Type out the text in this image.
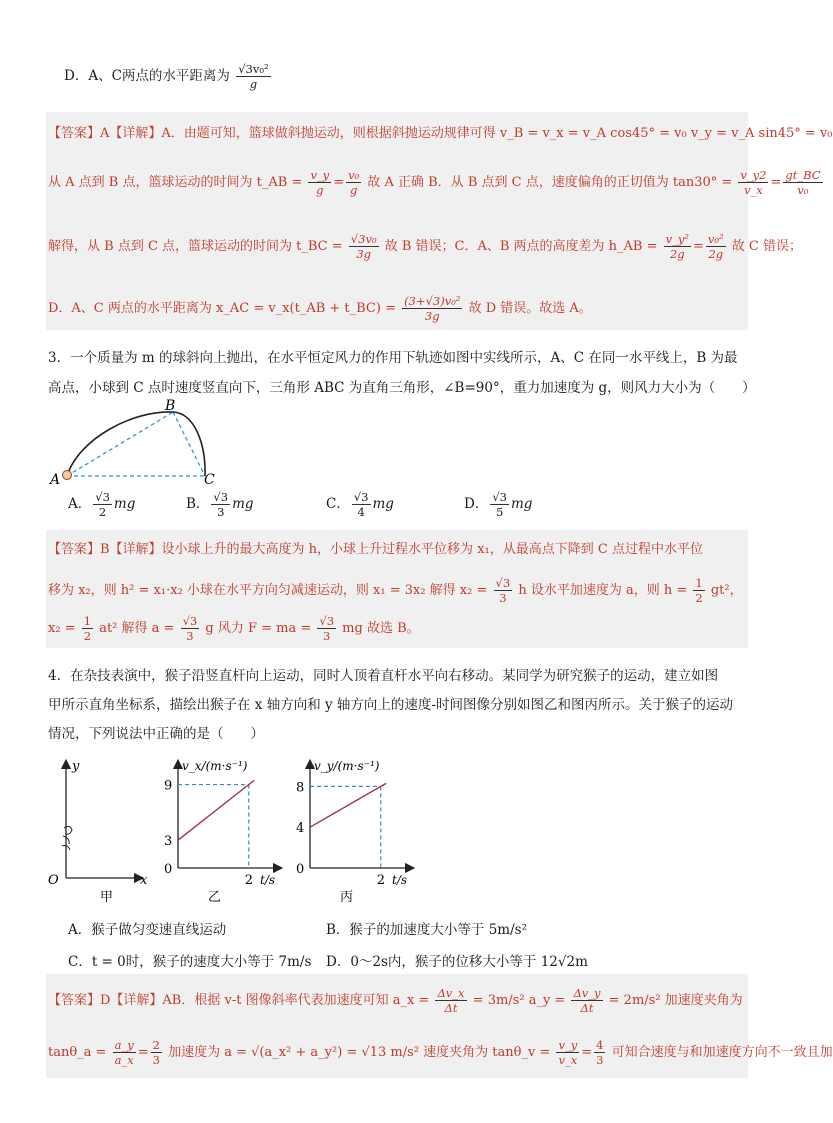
D．A、C两点的水平距离为 $\frac{\text{√3v₀²}}{g}$
【答案】A【详解】A．由题可知，篮球做斜抛运动，则根据斜抛运动规律可得 v_B = v_x = v_A cos45° = v₀ v_y = v_A sin45° = v₀
从 A 点到 B 点，篮球运动的时间为 t_AB = $\frac{v\_y}{g} = \frac{\text{v₀}}{g}$ 故 A 正确 B．从 B 点到 C 点，速度偏角的正切值为 $\tan 30^\circ = \frac{v\_y2}{v\_x} = \frac{gt\_BC}{\text{v₀}}$
解得，从 B 点到 C 点，篮球运动的时间为 t_BC = $\frac{\text{√3v₀}}{3g}$ 故 B 错误；C．A、B 两点的高度差为 h_AB = $\frac{\text{v\_y²}}{2g} = \frac{\text{v₀²}}{2g}$ 故 C 错误；
D．A、C 两点的水平距离为 x_AC = v_x(t_AB + t_BC) = $\frac{\text{(3+√3)v₀²}}{3g}$ 故 D 错误。故选 A。
3．一个质量为 m 的球斜向上抛出，在水平恒定风力的作用下轨迹如图中实线所示，A、C 在同一水平线上，B 为最
高点，小球到 C 点时速度竖直向下，三角形 ABC 为直角三角形，∠B=90°，重力加速度为 g，则风力大小为（　　）
A
B
C
A． $\frac{√3}{2}$ mg	B． $\frac{√3}{3}$ mg	C． $\frac{√3}{4}$ mg	D． $\frac{√3}{5}$ mg
【答案】B【详解】设小球上升的最大高度为 h，小球上升过程水平位移为 x₁，从最高点下降到 C 点过程中水平位
移为 x₂，则 h² = x₁·x₂ 小球在水平方向匀减速运动，则 x₁ = 3x₂ 解得 $x_2 = \frac{√3}{3}$ h 设水平加速度为 a，则 $h = \frac{1}{2} gt^2$，
$x_2 = \frac{1}{2} at^2$ 解得 $a = \frac{√3}{3}$ g 风力 F = ma = $\frac{√3}{3}$ mg 故选 B。
4．在杂技表演中，猴子沿竖直杆向上运动，同时人顶着直杆水平向右移动。某同学为研究猴子的运动，建立如图
甲所示直角坐标系，描绘出猴子在 x 轴方向和 y 轴方向上的速度-时间图像分别如图乙和图丙所示。关于猴子的运动
情况，下列说法中正确的是（　　）
y
x
O
甲
3
9
0
2
v_x/(m·s⁻¹)
t/s
乙
4
8
0
2
v_y/(m·s⁻¹)
t/s
丙
A．猴子做匀变速直线运动	B．猴子的加速度大小等于 5m/s²
C．t = 0时，猴子的速度大小等于 7m/s D．0～2s内，猴子的位移大小等于 12√2m
【答案】D【详解】AB．根据 v-t 图像斜率代表加速度可知 a_x = $\frac{\Delta v\_x}{\Delta t} = 3m/s^2$ a_y = $\frac{\Delta v\_y}{\Delta t} = 2m/s^2$ 加速度夹角为
tanθ_a = $\frac{a\_y}{a\_x} = \frac{2}{3}$ 加速度为 a = √(a_x² + a_y²) = √13 m/s² 速度夹角为 tanθ_v = $\frac{v\_y}{v\_x} = \frac{4}{3}$ 可知合速度与和加速度方向不一致且加
